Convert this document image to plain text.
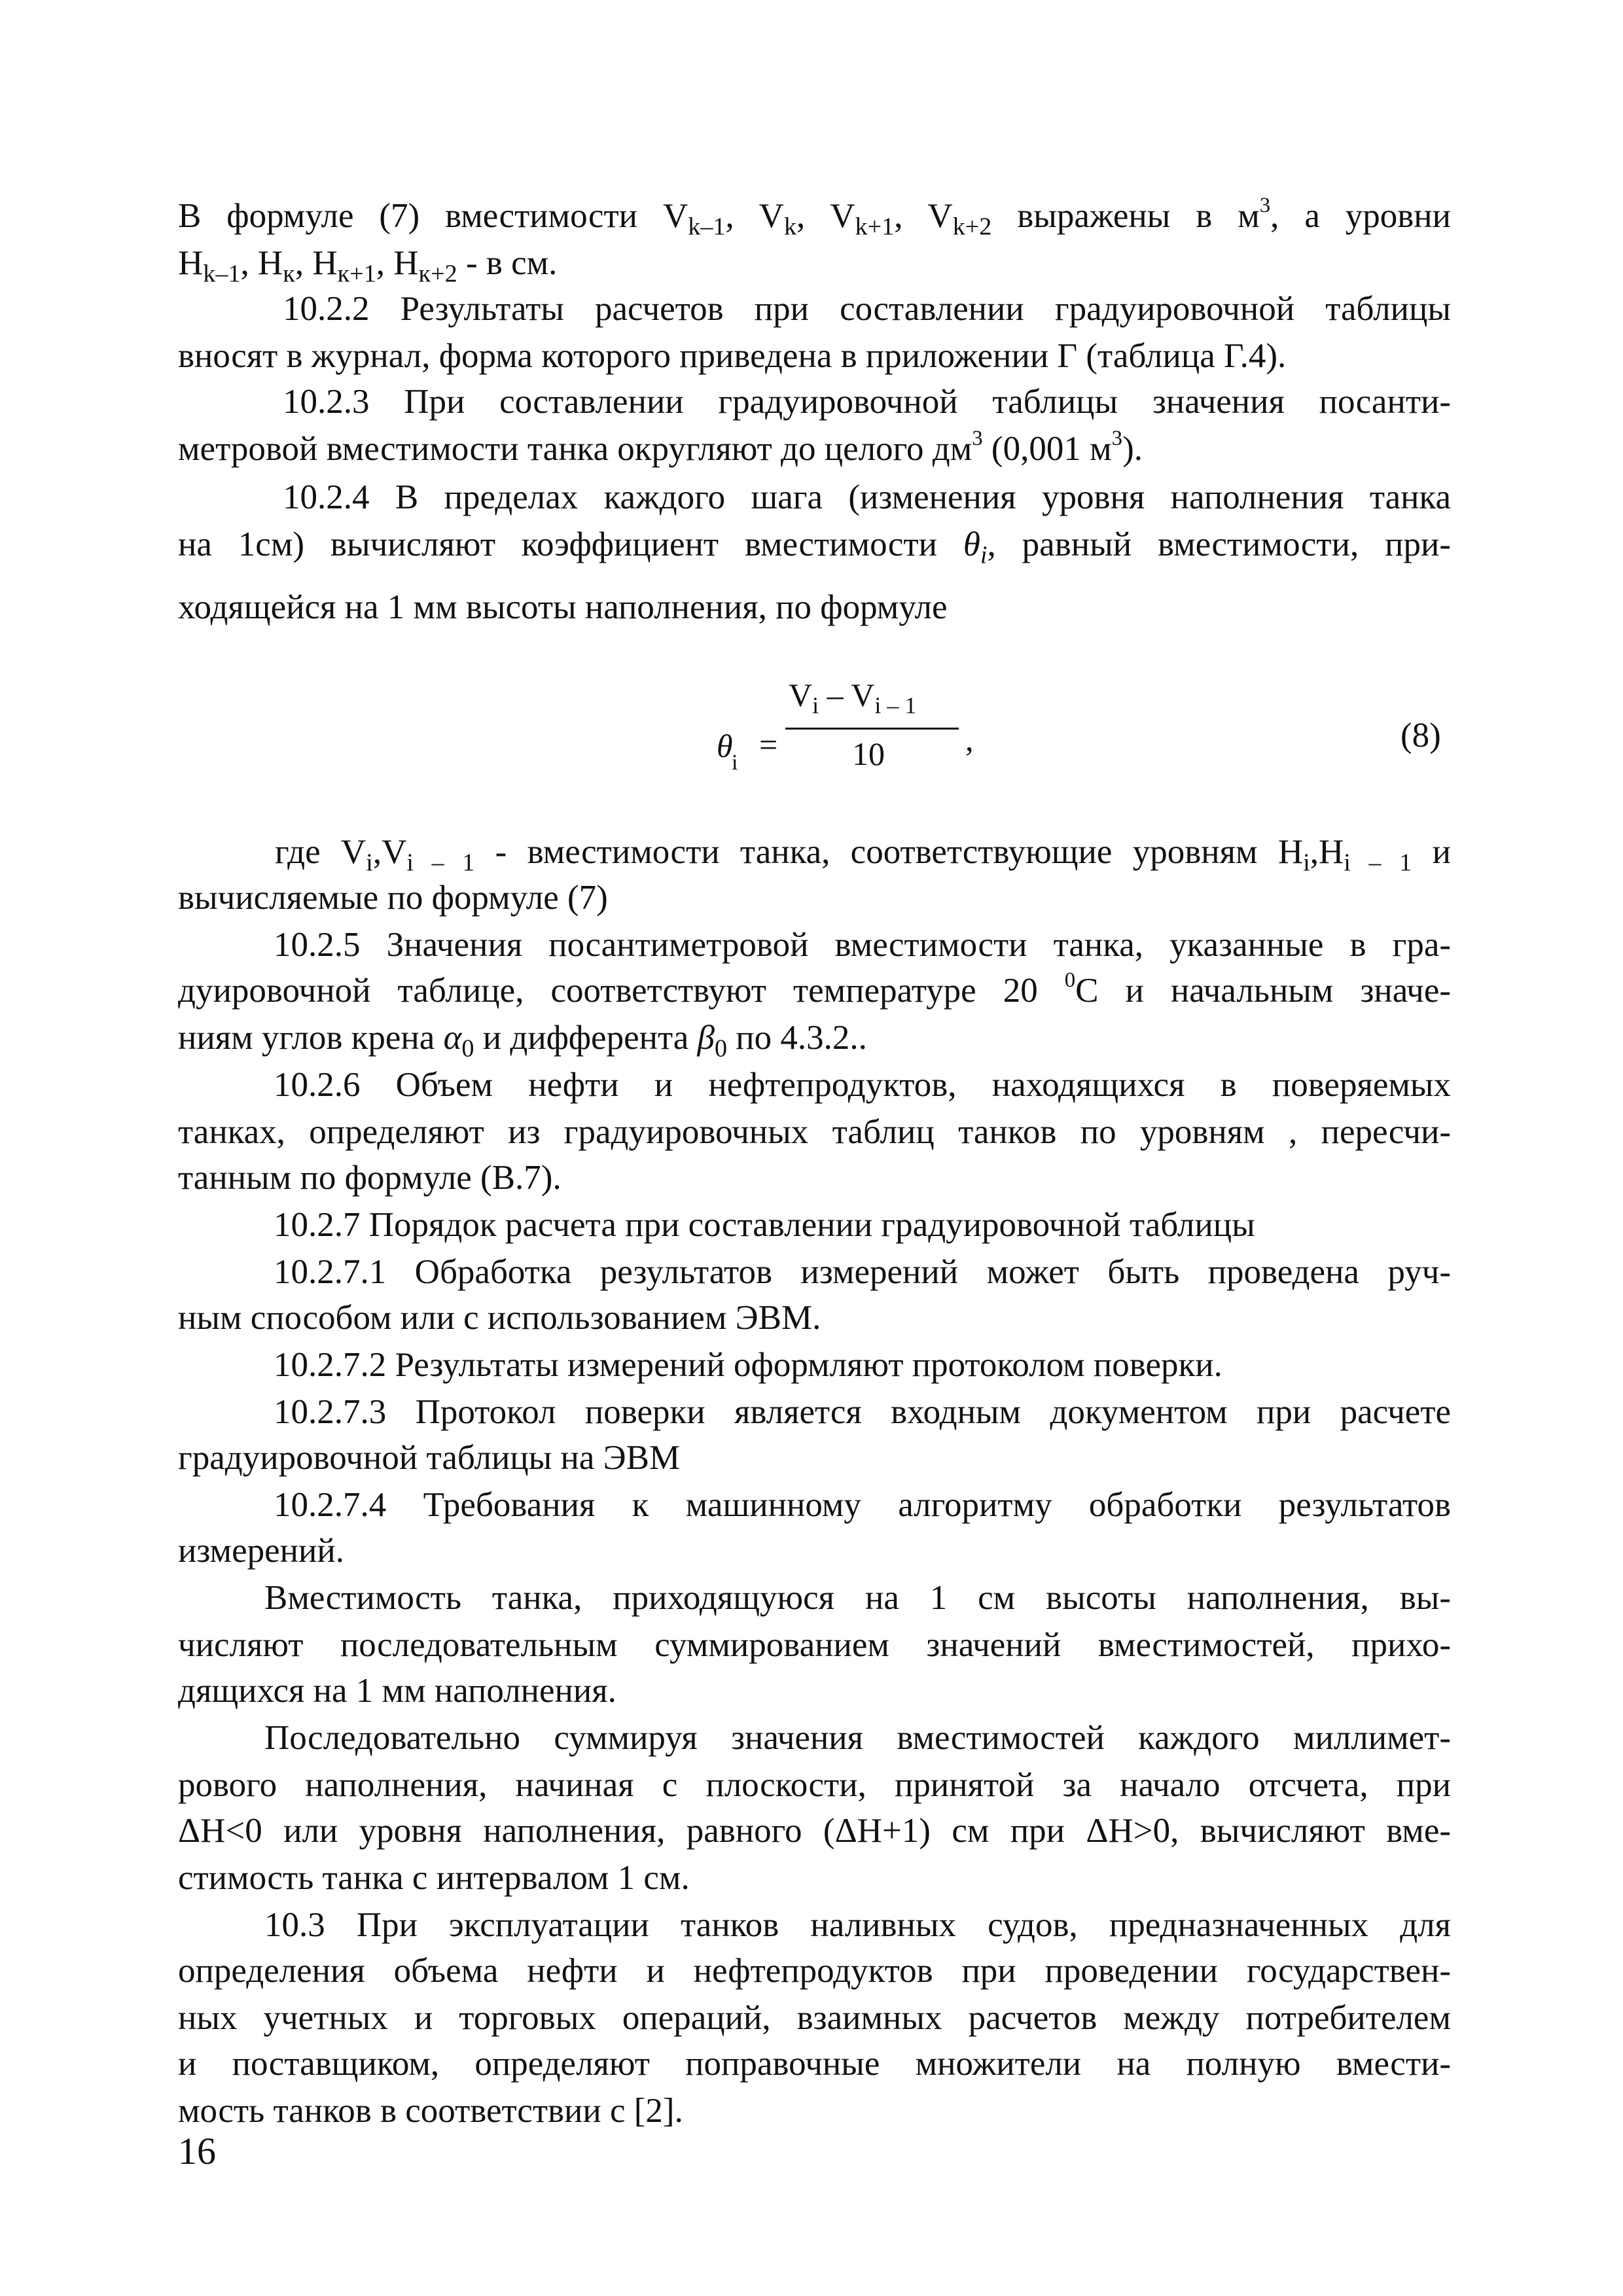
В формуле (7) вместимости $V_{k-1}$, $V_k$, $V_{k+1}$, $V_{k+2}$ выражены в $м^3$, а уровни

$H_{k-1}$, $H_к$, $H_{к+1}$, $H_{к+2}$ - в см.

10.2.2 Результаты расчетов при составлении градуировочной таблицы

вносят в журнал, форма которого приведена в приложении Г (таблица Г.4).

10.2.3 При составлении градуировочной таблицы значения посанти-

метровой вместимости танка округляют до целого $дм^3$ (0,001 $м^3$).

10.2.4 В пределах каждого шага (изменения уровня наполнения танка

на 1см) вычисляют коэффициент вместимости $\theta_i$, равный вместимости, при-

ходящейся на 1 мм высоты наполнения, по формуле

θ
i =
$V_i - V_{i - 1}$
10 ,	(8)

где $V_i,V_{i - 1}$ - вместимости танка, соответствующие уровням $H_i,H_{i - 1}$ и

вычисляемые по формуле (7)

10.2.5 Значения посантиметровой вместимости танка, указанные в гра-

дуировочной таблице, соответствуют температуре 20 $^0$C и начальным значе-

ниям углов крена $\alpha_0$ и дифферента $\beta_0$ по 4.3.2..

10.2.6 Объем нефти и нефтепродуктов, находящихся в поверяемых

танках, определяют из градуировочных таблиц танков по уровням , пересчи-

танным по формуле (В.7).

10.2.7 Порядок расчета при составлении градуировочной таблицы

10.2.7.1 Обработка результатов измерений может быть проведена руч-

ным способом или с использованием ЭВМ.

10.2.7.2 Результаты измерений оформляют протоколом поверки.

10.2.7.3 Протокол поверки является входным документом при расчете

градуировочной таблицы на ЭВМ

10.2.7.4 Требования к машинному алгоритму обработки результатов

измерений.

Вместимость танка, приходящуюся на 1 см высоты наполнения, вы-

числяют последовательным суммированием значений вместимостей, прихо-

дящихся на 1 мм наполнения.

Последовательно суммируя значения вместимостей каждого миллимет-

рового наполнения, начиная с плоскости, принятой за начало отсчета, при

ΔH<0 или уровня наполнения, равного (ΔH+1) см при ΔH>0, вычисляют вме-

стимость танка с интервалом 1 см.

10.3 При эксплуатации танков наливных судов, предназначенных для

определения объема нефти и нефтепродуктов при проведении государствен-

ных учетных и торговых операций, взаимных расчетов между потребителем

и поставщиком, определяют поправочные множители на полную вмести-

мость танков в соответствии с [2].

16
